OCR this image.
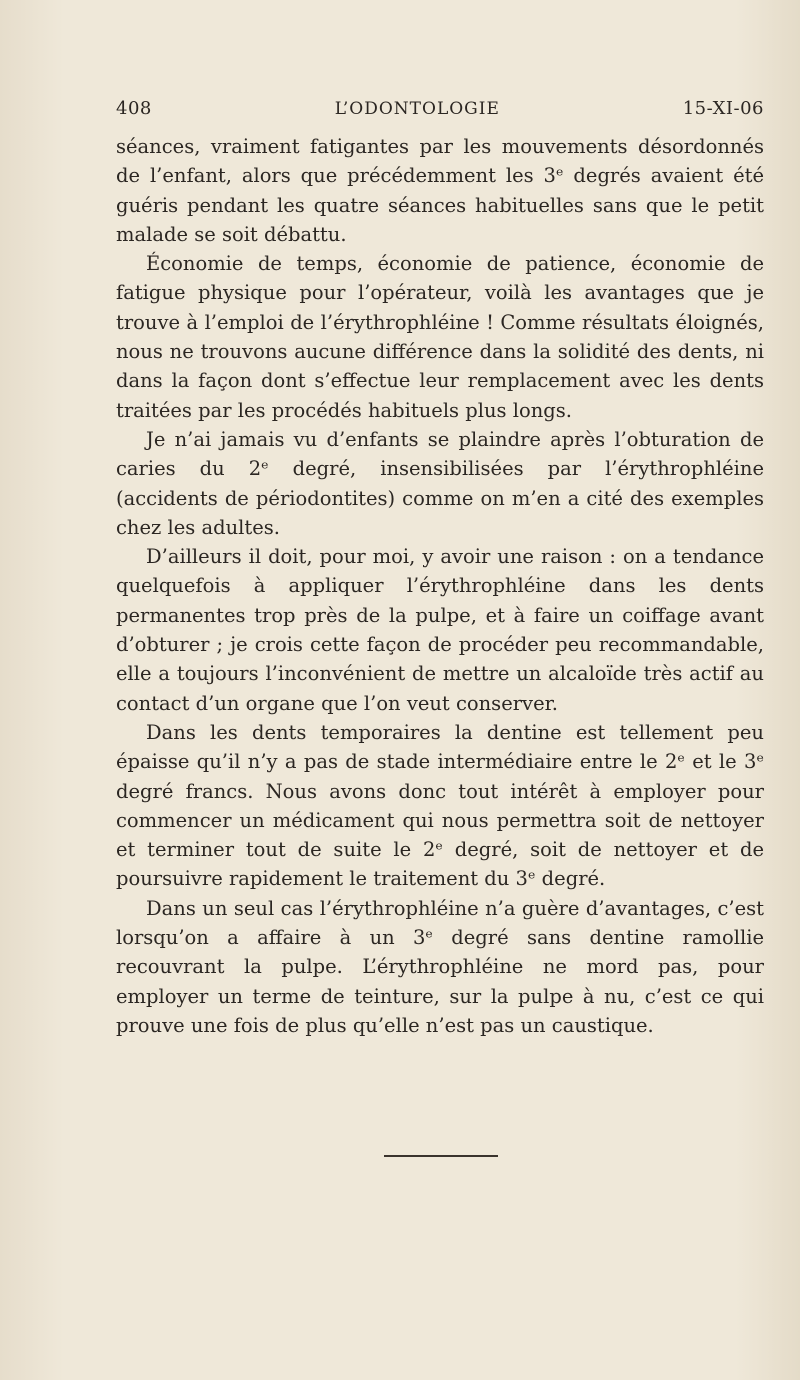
408	L’ODONTOLOGIE	15-XI-06

séances, vraiment fatigantes par les mouvements désordonnés de l’enfant, alors que précédemment les 3ᵉ degrés avaient été guéris pendant les quatre séances habituelles sans que le petit malade se soit débattu.

Économie de temps, économie de patience, économie de fatigue physique pour l’opérateur, voilà les avantages que je trouve à l’emploi de l’érythrophléine ! Comme résultats éloignés, nous ne trouvons aucune différence dans la solidité des dents, ni dans la façon dont s’effectue leur remplacement avec les dents traitées par les procédés habituels plus longs.

Je n’ai jamais vu d’enfants se plaindre après l’obturation de caries du 2ᵉ degré, insensibilisées par l’érythrophléine (accidents de périodontites) comme on m’en a cité des exemples chez les adultes.

D’ailleurs il doit, pour moi, y avoir une raison : on a tendance quelquefois à appliquer l’érythrophléine dans les dents permanentes trop près de la pulpe, et à faire un coiffage avant d’obturer ; je crois cette façon de procéder peu recommandable, elle a toujours l’inconvénient de mettre un alcaloïde très actif au contact d’un organe que l’on veut conserver.

Dans les dents temporaires la dentine est tellement peu épaisse qu’il n’y a pas de stade intermédiaire entre le 2ᵉ et le 3ᵉ degré francs. Nous avons donc tout intérêt à employer pour commencer un médicament qui nous permettra soit de nettoyer et terminer tout de suite le 2ᵉ degré, soit de nettoyer et de poursuivre rapidement le traitement du 3ᵉ degré.

Dans un seul cas l’érythrophléine n’a guère d’avantages, c’est lorsqu’on a affaire à un 3ᵉ degré sans dentine ramollie recouvrant la pulpe. L’érythrophléine ne mord pas, pour employer un terme de teinture, sur la pulpe à nu, c’est ce qui prouve une fois de plus qu’elle n’est pas un caustique.
